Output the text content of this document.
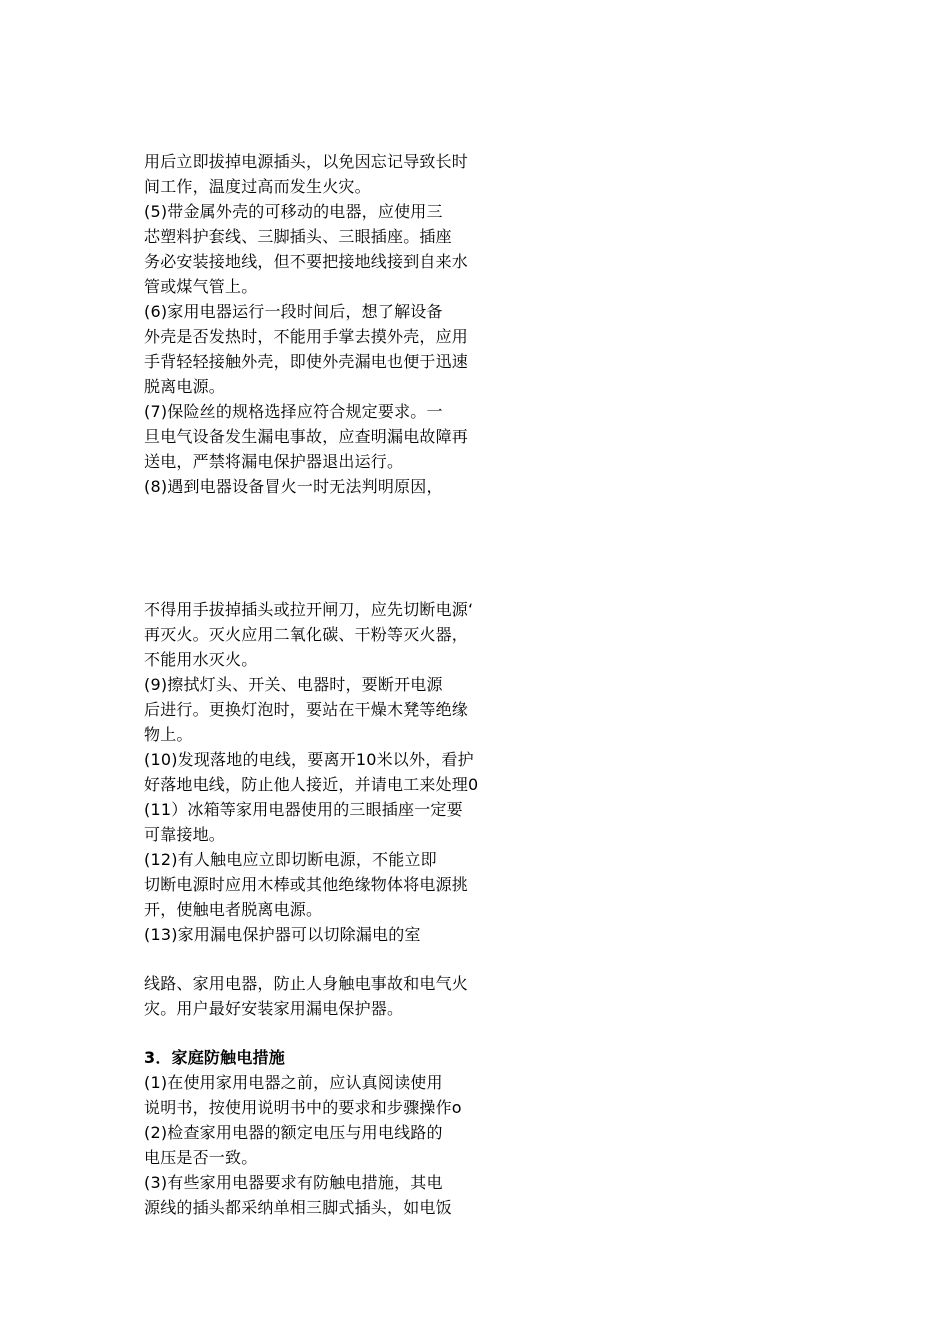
用后立即拔掉电源插头，以免因忘记导致长时
间工作，温度过高而发生火灾。
(5)带金属外壳的可移动的电器，应使用三
芯塑料护套线、三脚插头、三眼插座。插座
务必安装接地线，但不要把接地线接到自来水
管或煤气管上。
(6)家用电器运行一段时间后，想了解设备
外壳是否发热时，不能用手掌去摸外壳，应用
手背轻轻接触外壳，即使外壳漏电也便于迅速
脱离电源。
(7)保险丝的规格选择应符合规定要求。一
旦电气设备发生漏电事故，应查明漏电故障再
送电，严禁将漏电保护器退出运行。
(8)遇到电器设备冒火一时无法判明原因，
不得用手拔掉插头或拉开闸刀，应先切断电源‘
再灭火。灭火应用二氧化碳、干粉等灭火器，
不能用水灭火。
(9)擦拭灯头、开关、电器时，要断开电源
后进行。更换灯泡时，要站在干燥木凳等绝缘
物上。
(10)发现落地的电线，要离开10米以外，看护
好落地电线，防止他人接近，并请电工来处理0
(11）冰箱等家用电器使用的三眼插座一定要
可靠接地。
(12)有人触电应立即切断电源，不能立即
切断电源时应用木棒或其他绝缘物体将电源挑
开，使触电者脱离电源。
(13)家用漏电保护器可以切除漏电的室
线路、家用电器，防止人身触电事故和电气火
灾。用户最好安装家用漏电保护器。
3．家庭防触电措施
(1)在使用家用电器之前，应认真阅读使用
说明书，按使用说明书中的要求和步骤操作o
(2)检查家用电器的额定电压与用电线路的
电压是否一致。
(3)有些家用电器要求有防触电措施，其电
源线的插头都采纳单相三脚式插头，如电饭
